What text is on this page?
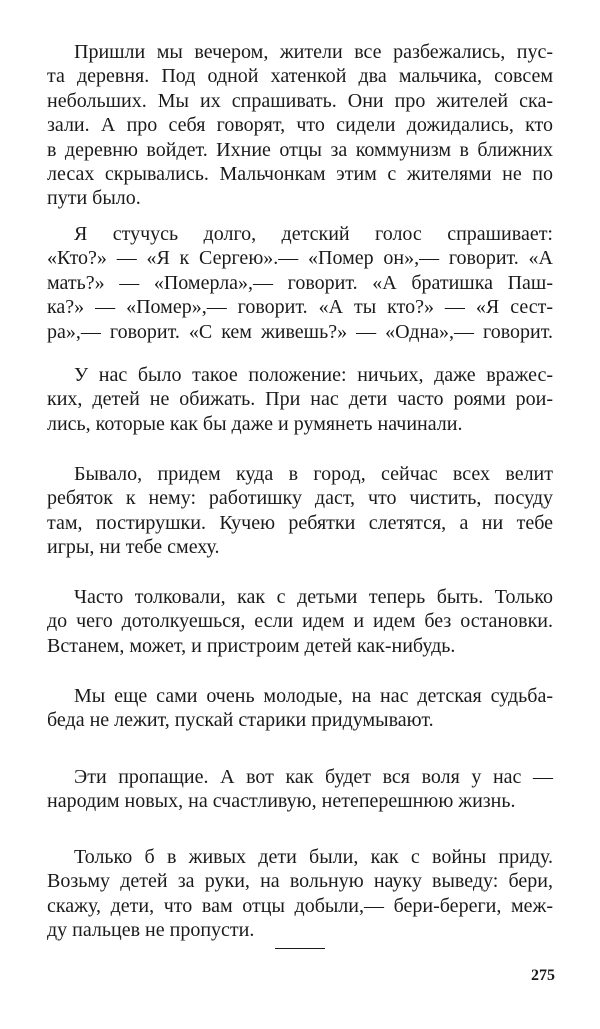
Пришли мы вечером, жители все разбежались, пус-
та деревня. Под одной хатенкой два мальчика, совсем
небольших. Мы их спрашивать. Они про жителей ска-
зали. А про себя говорят, что сидели дожидались, кто
в деревню войдет. Ихние отцы за коммунизм в ближних
лесах скрывались. Мальчонкам этим с жителями не по
пути было.
Я стучусь долго, детский голос спрашивает:
«Кто?» — «Я к Сергею».— «Помер он»,— говорит. «А
мать?» — «Померла»,— говорит. «А братишка Паш-
ка?» — «Помер»,— говорит. «А ты кто?» — «Я сест-
ра»,— говорит. «С кем живешь?» — «Одна»,— говорит.
У нас было такое положение: ничьих, даже вражес-
ких, детей не обижать. При нас дети часто роями рои-
лись, которые как бы даже и румянеть начинали.
Бывало, придем куда в город, сейчас всех велит
ребяток к нему: работишку даст, что чистить, посуду
там, постирушки. Кучею ребятки слетятся, а ни тебе
игры, ни тебе смеху.
Часто толковали, как с детьми теперь быть. Только
до чего дотолкуешься, если идем и идем без остановки.
Встанем, может, и пристроим детей как-нибудь.
Мы еще сами очень молодые, на нас детская судьба-
беда не лежит, пускай старики придумывают.
Эти пропащие. А вот как будет вся воля у нас —
народим новых, на счастливую, нетеперешнюю жизнь.
Только б в живых дети были, как с войны приду.
Возьму детей за руки, на вольную науку выведу: бери,
скажу, дети, что вам отцы добыли,— бери-береги, меж-
ду пальцев не пропусти.
275
